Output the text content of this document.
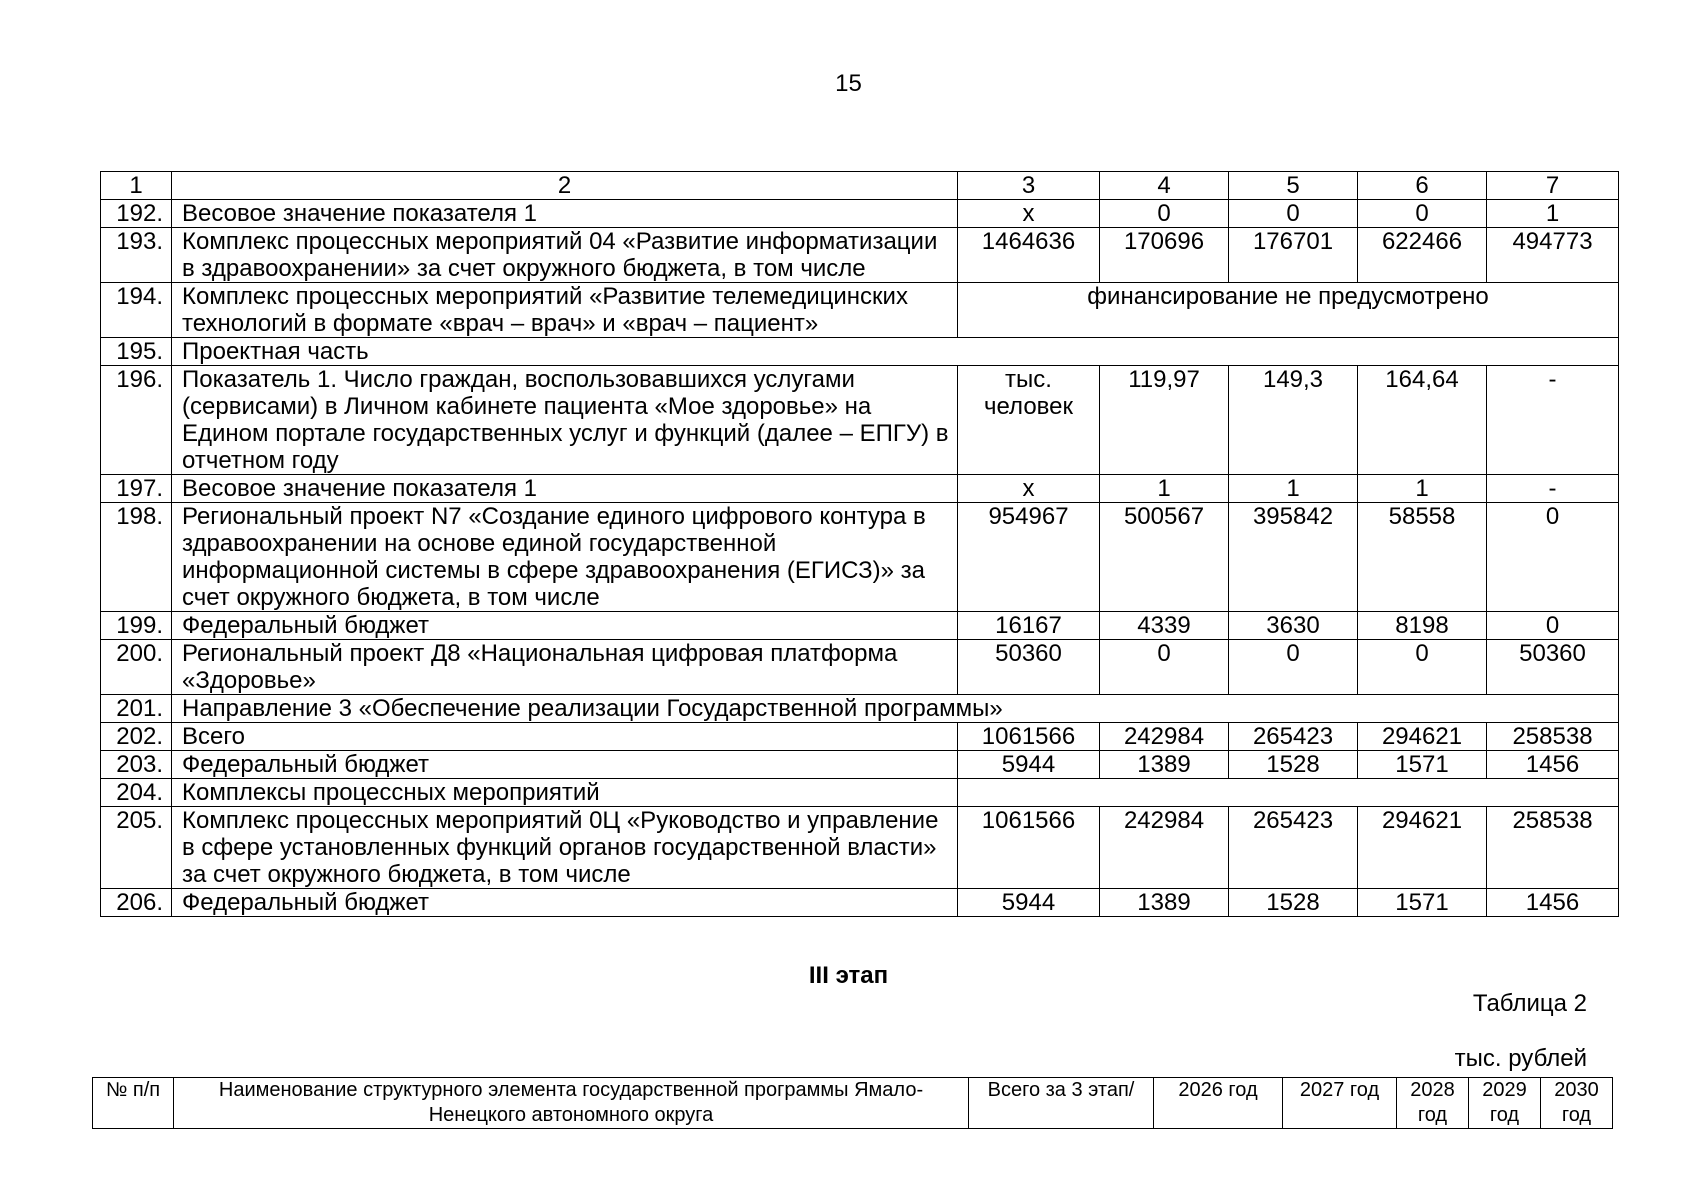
15
1	2	3	4	5	6	7
192.	Весовое значение показателя 1	x	0	0	0	1
193.	Комплекс процессных мероприятий 04 «Развитие информатизации в здравоохранении» за счет окружного бюджета, в том числе	1464636	170696	176701	622466	494773
194.	Комплекс процессных мероприятий «Развитие телемедицинских технологий в формате «врач – врач» и «врач – пациент»	финансирование не предусмотрено				
195.	Проектная часть					
196.	Показатель 1. Число граждан, воспользовавшихся услугами (сервисами) в Личном кабинете пациента «Мое здоровье» на Едином портале государственных услуг и функций (далее – ЕПГУ) в отчетном году	тыс. человек	119,97	149,3	164,64	-
197.	Весовое значение показателя 1	x	1	1	1	-
198.	Региональный проект N7 «Создание единого цифрового контура в здравоохранении на основе единой государственной информационной системы в сфере здравоохранения (ЕГИСЗ)» за счет окружного бюджета, в том числе	954967	500567	395842	58558	0
199.	Федеральный бюджет	16167	4339	3630	8198	0
200.	Региональный проект Д8 «Национальная цифровая платформа «Здоровье»	50360	0	0	0	50360
201.	Направление 3 «Обеспечение реализации Государственной программы»					
202.	Всего	1061566	242984	265423	294621	258538
203.	Федеральный бюджет	5944	1389	1528	1571	1456
204.	Комплексы процессных мероприятий					
205.	Комплекс процессных мероприятий 0Ц «Руководство и управление в сфере установленных функций органов государственной власти» за счет окружного бюджета, в том числе	1061566	242984	265423	294621	258538
206.	Федеральный бюджет	5944	1389	1528	1571	1456
III этап
Таблица 2
тыс. рублей
№ п/п	Наименование структурного элемента государственной программы Ямало-Ненецкого автономного округа	Всего за 3 этап/	2026 год	2027 год	2028 год	2029 год	2030 год
